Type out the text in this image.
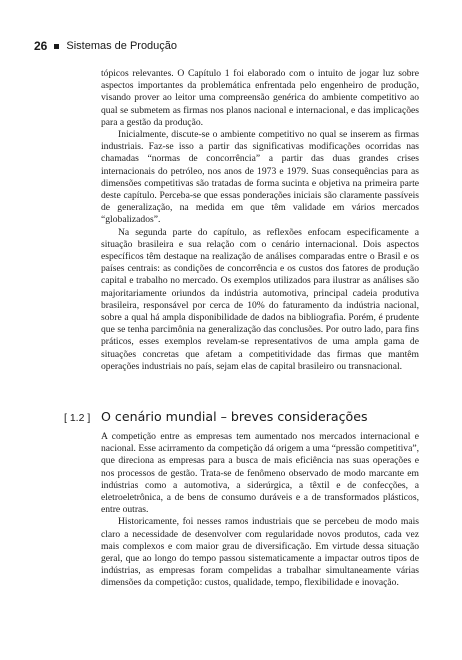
26 Sistemas de Produção

tópicos relevantes. O Capítulo 1 foi elaborado com o intuito de jogar luz sobre aspectos importantes da problemática enfrentada pelo engenheiro de produção, visando prover ao leitor uma compreensão genérica do ambiente competitivo ao qual se submetem as firmas nos planos nacional e internacional, e das implicações para a gestão da produção.

Inicialmente, discute-se o ambiente competitivo no qual se inserem as firmas industriais. Faz-se isso a partir das significativas modificações ocorridas nas chamadas “normas de concorrência” a partir das duas grandes crises internacionais do petróleo, nos anos de 1973 e 1979. Suas consequências para as dimensões competitivas são tratadas de forma sucinta e objetiva na primeira parte deste capítulo. Perceba-se que essas ponderações iniciais são claramente passíveis de generalização, na medida em que têm validade em vários mercados “globalizados”.

Na segunda parte do capítulo, as reflexões enfocam especificamente a situação brasileira e sua relação com o cenário internacional. Dois aspectos específicos têm destaque na realização de análises comparadas entre o Brasil e os países centrais: as condições de concorrência e os custos dos fatores de produção capital e trabalho no mercado. Os exemplos utilizados para ilustrar as análises são majoritariamente oriundos da indústria automotiva, principal cadeia produtiva brasileira, responsável por cerca de 10% do faturamento da indústria nacional, sobre a qual há ampla disponibilidade de dados na bibliografia. Porém, é prudente que se tenha parcimônia na generalização das conclusões. Por outro lado, para fins práticos, esses exemplos revelam-se representativos de uma ampla gama de situações concretas que afetam a competitividade das firmas que mantêm operações industriais no país, sejam elas de capital brasileiro ou transnacional.

[ 1.2 ] O cenário mundial – breves considerações

A competição entre as empresas tem aumentado nos mercados internacional e nacional. Esse acirramento da competição dá origem a uma “pressão competitiva”, que direciona as empresas para a busca de mais eficiência nas suas operações e nos processos de gestão. Trata-se de fenômeno observado de modo marcante em indústrias como a automotiva, a siderúrgica, a têxtil e de confecções, a eletroeletrônica, a de bens de consumo duráveis e a de transformados plásticos, entre outras.

Historicamente, foi nesses ramos industriais que se percebeu de modo mais claro a necessidade de desenvolver com regularidade novos produtos, cada vez mais complexos e com maior grau de diversificação. Em virtude dessa situação geral, que ao longo do tempo passou sistematicamente a impactar outros tipos de indústrias, as empresas foram compelidas a trabalhar simultaneamente várias dimensões da competição: custos, qualidade, tempo, flexibilidade e inovação.
